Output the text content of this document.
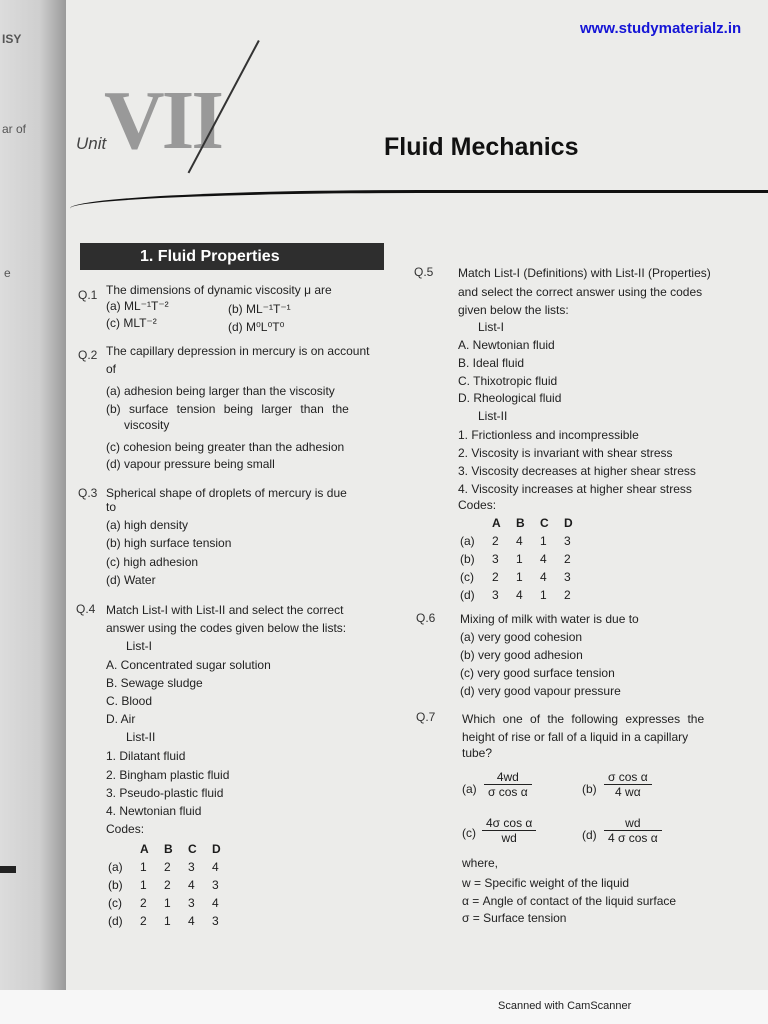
ISY
ar of
e
www.studymaterialz.in
Unit
VII	Fluid Mechanics
1. Fluid Properties
Q.1 The dimensions of dynamic viscosity μ are
(a) ML⁻¹T⁻²	(b) ML⁻¹T⁻¹
(c) MLT⁻²	(d) M⁰L⁰T⁰
Q.2 The capillary depression in mercury is on account
of
(a) adhesion being larger than the viscosity
(b) surface tension being larger than the
viscosity
(c) cohesion being greater than the adhesion
(d) vapour pressure being small
Q.3 Spherical shape of droplets of mercury is due
to
(a) high density
(b) high surface tension
(c) high adhesion
(d) Water
Q.4 Match List-I with List-II and select the correct
answer using the codes given below the lists:
List-I
A. Concentrated sugar solution
B. Sewage sludge
C. Blood
D. Air
List-II
1. Dilatant fluid
2. Bingham plastic fluid
3. Pseudo-plastic fluid
4. Newtonian fluid
Codes:
	A	B	C	D
(a)	1	2	3	4
(b)	1	2	4	3
(c)	2	1	3	4
(d)	2	1	4	3
Q.5 Match List-I (Definitions) with List-II (Properties)
and select the correct answer using the codes
given below the lists:
List-I
A. Newtonian fluid
B. Ideal fluid
C. Thixotropic fluid
D. Rheological fluid
List-II
1. Frictionless and incompressible
2. Viscosity is invariant with shear stress
3. Viscosity decreases at higher shear stress
4. Viscosity increases at higher shear stress
Codes:
	A	B	C	D
(a)	2	4	1	3
(b)	3	1	4	2
(c)	2	1	4	3
(d)	3	4	1	2
Q.6 Mixing of milk with water is due to
(a) very good cohesion
(b) very good adhesion
(c) very good surface tension
(d) very good vapour pressure
Q.7 Which one of the following expresses the
height of rise or fall of a liquid in a capillary
tube?
$(a) \frac{4wd}{\text{σ cos α}}$	$(b) \frac{\text{σ cos α}}{4 w\alpha}$
$(c) \frac{\text{4σ cos α}}{wd}$	$(d) \frac{wd}{\text{4 σ cos α}}$
where,
w = Specific weight of the liquid
α = Angle of contact of the liquid surface
σ = Surface tension
Scanned with CamScanner
